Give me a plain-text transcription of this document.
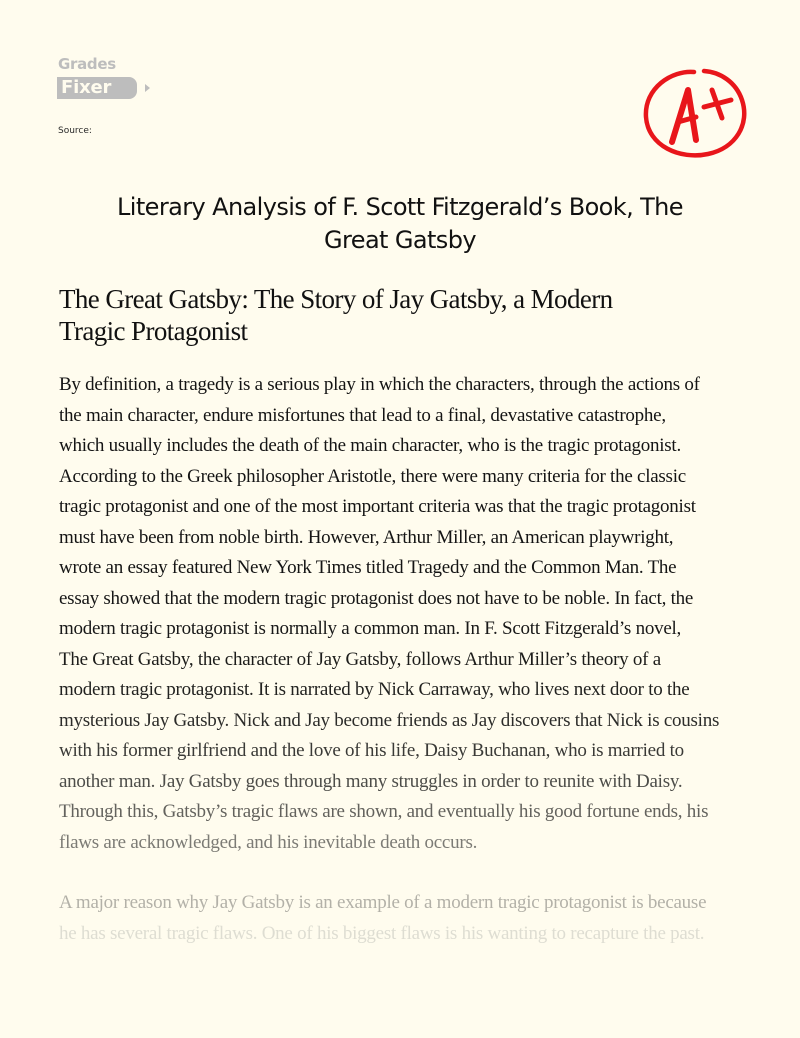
Grades
Fixer
Source:
Literary Analysis of F. Scott Fitzgerald’s Book, The
Great Gatsby
The Great Gatsby: The Story of Jay Gatsby, a Modern
Tragic Protagonist
By definition, a tragedy is a serious play in which the characters, through the actions of
the main character, endure misfortunes that lead to a final, devastative catastrophe,
which usually includes the death of the main character, who is the tragic protagonist.
According to the Greek philosopher Aristotle, there were many criteria for the classic
tragic protagonist and one of the most important criteria was that the tragic protagonist
must have been from noble birth. However, Arthur Miller, an American playwright,
wrote an essay featured New York Times titled Tragedy and the Common Man. The
essay showed that the modern tragic protagonist does not have to be noble. In fact, the
modern tragic protagonist is normally a common man. In F. Scott Fitzgerald’s novel,
The Great Gatsby, the character of Jay Gatsby, follows Arthur Miller’s theory of a
modern tragic protagonist. It is narrated by Nick Carraway, who lives next door to the
mysterious Jay Gatsby. Nick and Jay become friends as Jay discovers that Nick is cousins
with his former girlfriend and the love of his life, Daisy Buchanan, who is married to
another man. Jay Gatsby goes through many struggles in order to reunite with Daisy.
Through this, Gatsby’s tragic flaws are shown, and eventually his good fortune ends, his
flaws are acknowledged, and his inevitable death occurs.
A major reason why Jay Gatsby is an example of a modern tragic protagonist is because
he has several tragic flaws. One of his biggest flaws is his wanting to recapture the past.
